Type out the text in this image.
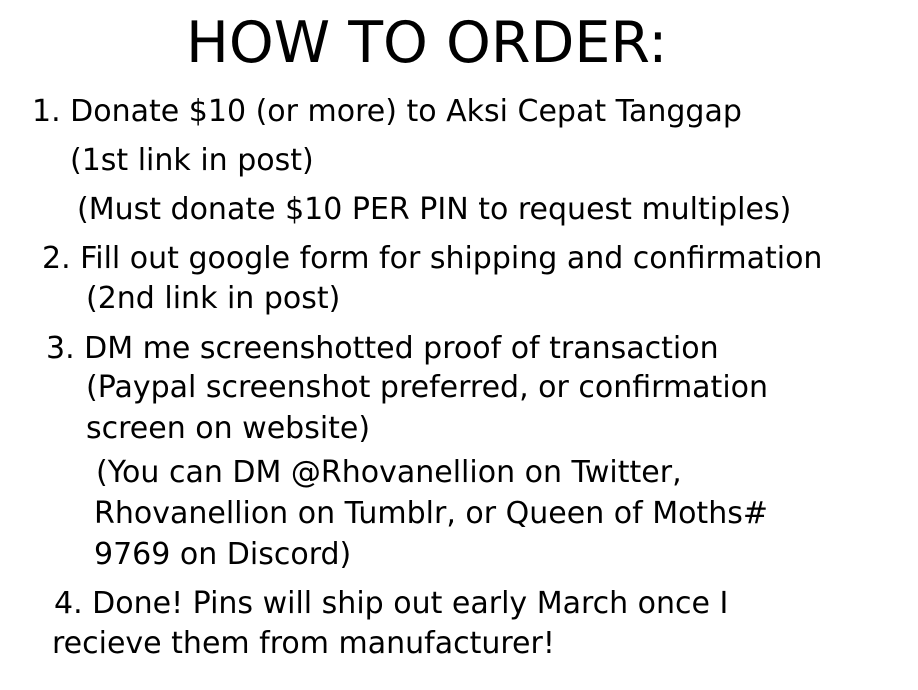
HOW TO ORDER:

1. Donate $10 (or more) to Aksi Cepat Tanggap

(1st link in post)

(Must donate $10 PER PIN to request multiples)

2. Fill out google form for shipping and confirmation

(2nd link in post)

3. DM me screenshotted proof of transaction

(Paypal screenshot preferred, or confirmation

screen on website)

(You can DM @Rhovanellion on Twitter,

Rhovanellion on Tumblr, or Queen of Moths#

9769 on Discord)

4. Done! Pins will ship out early March once I

recieve them from manufacturer!
